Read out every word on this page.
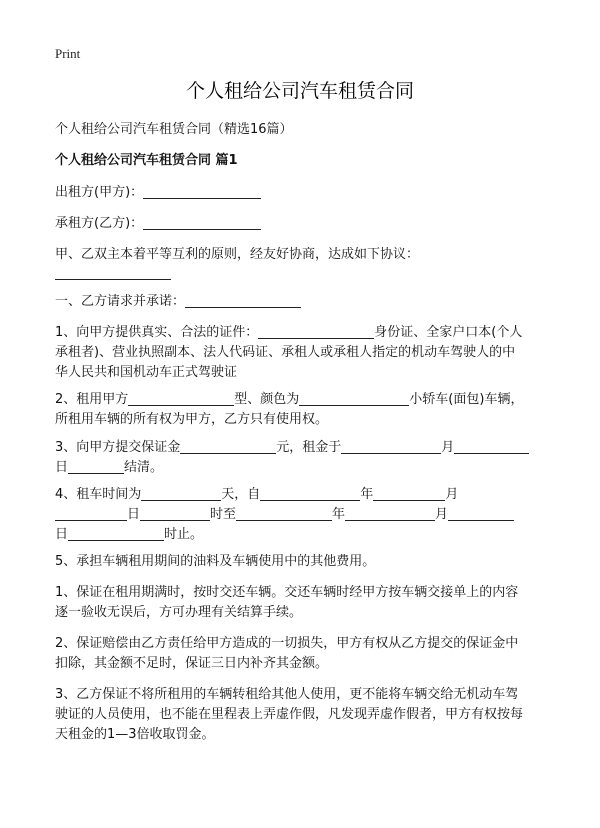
Print
个人租给公司汽车租赁合同
个人租给公司汽车租赁合同（精选16篇）
个人租给公司汽车租赁合同 篇1
出租方(甲方)：
承租方(乙方)：
甲、乙双主本着平等互利的原则，经友好协商，达成如下协议：
一、乙方请求并承诺：
1、向甲方提供真实、合法的证件：	身份证、全家户口本(个人
承租者)、营业执照副本、法人代码证、承租人或承租人指定的机动车驾驶人的中
华人民共和国机动车正式驾驶证
2、租用甲方	型、颜色为	小轿车(面包)车辆，
所租用车辆的所有权为甲方，乙方只有使用权。
3、向甲方提交保证金	元，租金于	月
日	结清。
4、租车时间为	天，自	年	月
日	时至	年	月
日	时止。
5、承担车辆租用期间的油料及车辆使用中的其他费用。
1、保证在租用期满时，按时交还车辆。交还车辆时经甲方按车辆交接单上的内容
逐一验收无误后，方可办理有关结算手续。
2、保证赔偿由乙方责任给甲方造成的一切损失，甲方有权从乙方提交的保证金中
扣除，其金额不足时，保证三日内补齐其金额。
3、乙方保证不将所租用的车辆转租给其他人使用，更不能将车辆交给无机动车驾
驶证的人员使用，也不能在里程表上弄虚作假，凡发现弄虚作假者，甲方有权按每
天租金的1—3倍收取罚金。
